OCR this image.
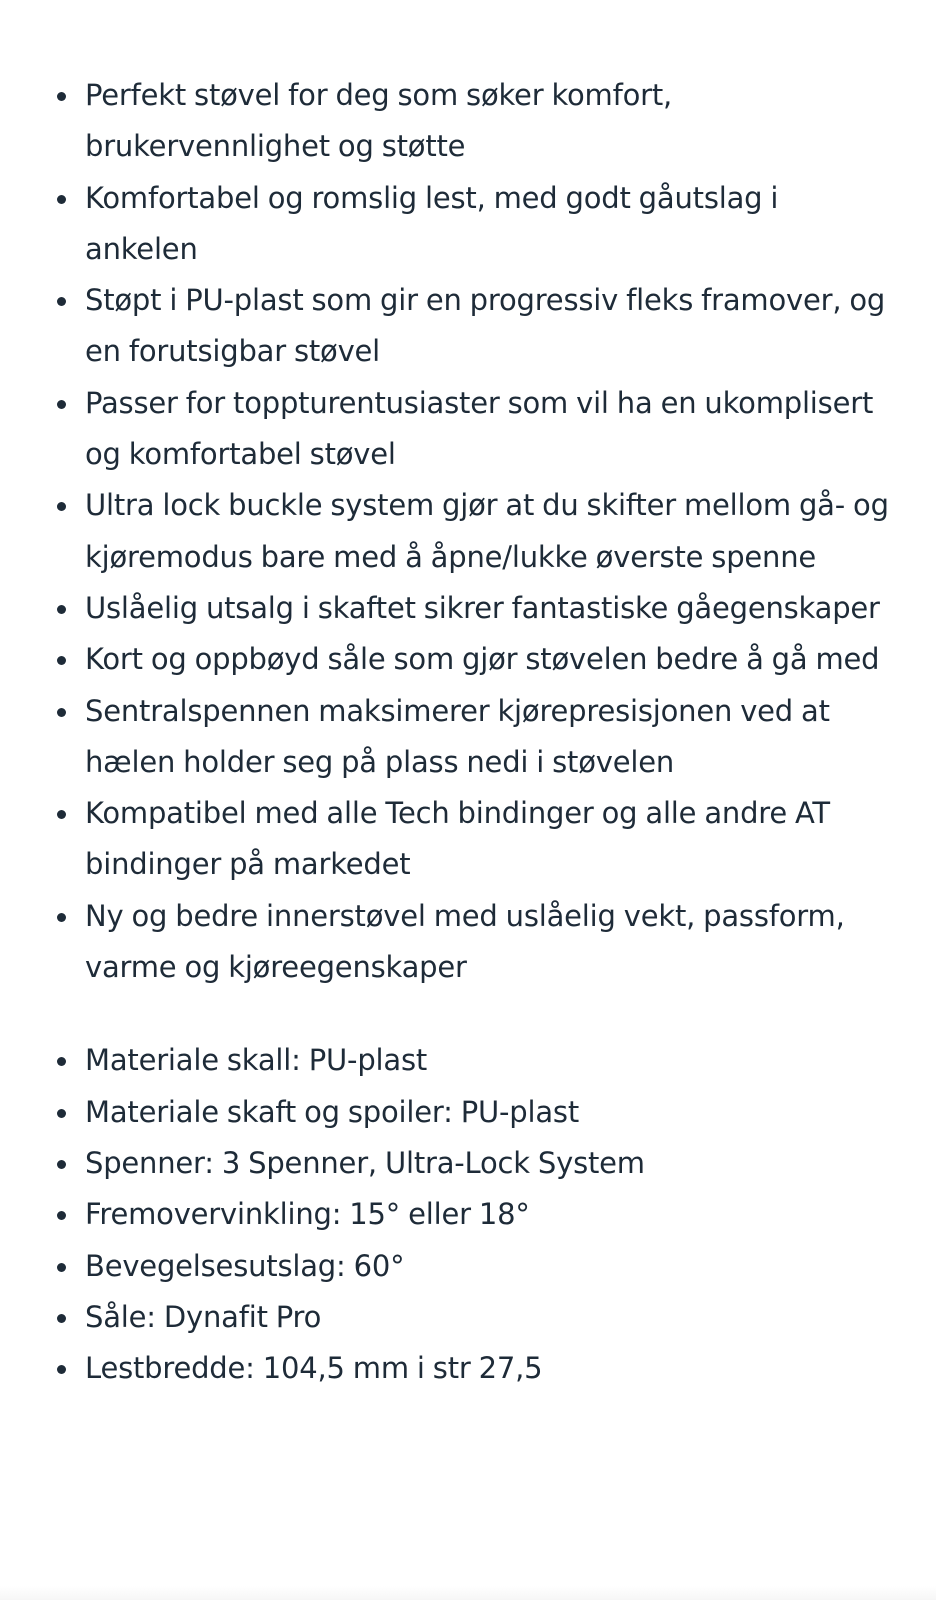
Perfekt støvel for deg som søker komfort, brukervennlighet og støtte
Komfortabel og romslig lest, med godt gåutslag i ankelen
Støpt i PU-plast som gir en progressiv fleks framover, og en forutsigbar støvel
Passer for toppturentusiaster som vil ha en ukomplisert og komfortabel støvel
Ultra lock buckle system gjør at du skifter mellom gå- og kjøremodus bare med å åpne/lukke øverste spenne
Uslåelig utsalg i skaftet sikrer fantastiske gåegenskaper
Kort og oppbøyd såle som gjør støvelen bedre å gå med
Sentralspennen maksimerer kjørepresisjonen ved at hælen holder seg på plass nedi i støvelen
Kompatibel med alle Tech bindinger og alle andre AT bindinger på markedet
Ny og bedre innerstøvel med uslåelig vekt, passform, varme og kjøreegenskaper
Materiale skall: PU-plast
Materiale skaft og spoiler: PU-plast
Spenner: 3 Spenner, Ultra-Lock System
Fremovervinkling: 15° eller 18°
Bevegelsesutslag: 60°
Såle: Dynafit Pro
Lestbredde: 104,5 mm i str 27,5
